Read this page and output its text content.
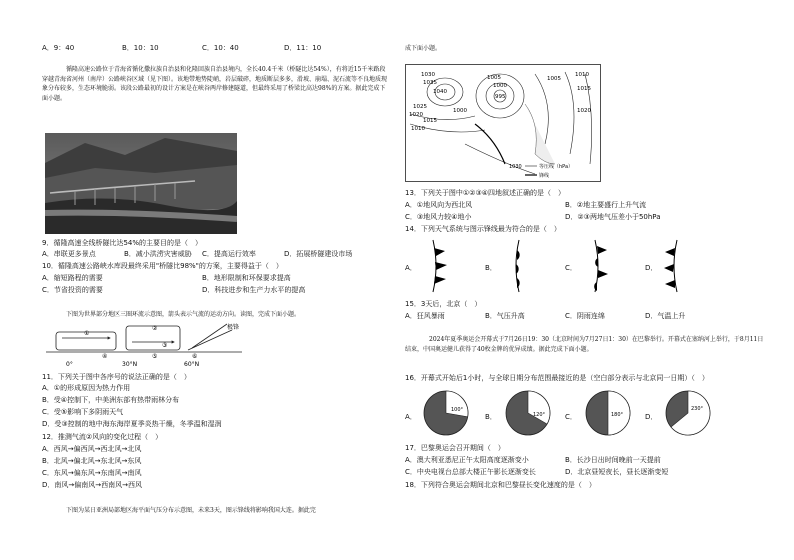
A．9：40	B．10：10	C．10：40	D．11：10
循隆高速公路位于青海省循化撒拉族自治县和化隆回族自治县境内，全长40.4千米（桥隧比达54%），有将近15千米路段穿越青海省河州（南岸）公路峡谷区域（见下图）。该地带地势陡峭，岩层破碎，地质断层多多，滑坡、崩塌、泥石流等不良地质现象分布较多，生态环境脆弱。该段公路最初的设计方案是在峡谷两岸修建隧道，但最终采用了桥梁比高达98%的方案。据此完成下面小题。
9．循隆高速全线桥隧比达54%的主要目的是（　）
A．串联更多景点	B．减小洪涝灾害威胁 C．提高运行效率	D．拓展桥隧建设市场
10．循隆高速公路峡水库段最终采用"桥隧比98%"的方案，主要得益于（　）
A．缩短路程的需要	B．地形限制和环保要求提高
C．节省投资的需要	D．科技进步和生产力水平的提高
下图为世界部分地区三圈环流示意图，箭头表示气流的运动方向。读图，完成下面小题。
极锋
①
②
③
④	⑤	⑥
0°	30°N	60°N
11．下列关于图中各序号的说法正确的是（　）
A．①的形成原因为热力作用
B．受④控制下，中美洲东部有热带雨林分布
C．受⑤影响下多阴雨天气
D．受③控制的地中海东海岸夏季炎热干燥，冬季温和湿润
12．推测气流②风向的变化过程（　）
A．西风→偏西风→西北风→北风
B．北风→偏北风→东北风→东风
C．东风→偏东风→东南风→南风
D．南风→偏南风→西南风→西风
下图为某日亚洲局部地区海平面气压分布示意图，未来3天，图示锋线将影响我国大连。据此完
成下面小题。
1030
1035
1040
1025
1020
1015
1010
1005
1000
995
1005
1010
1015
1020
1000
1030	等压线（hPa）
锋线
13．下列关于图中①②③④四地叙述正确的是（　）
A．①地风向为西北风	B．②地主要盛行上升气流
C．③地风力较④地小	D．②③两地气压差小于50hPa
14．下列天气系统与图示锋线最为符合的是（　）
A．	B．	C．	D．
15．3天后，北京（　）
A．狂风暴雨	B．气压升高	C．阴雨连绵	D．气温上升
2024年夏季奥运会开幕式于7月26日19：30（北京时间为7月27日1：30）在巴黎举行。开幕式在塞纳河上举行，于8月11日结束，中国奥运健儿获得了40枚金牌的优异成绩。据此完成下面小题。
16．开幕式开始后1小时，与全球日期分布范围最接近的是（空白部分表示与北京同一日期）（　）
A．
100°
B．	120°	C．	180°	D．
230°
17．巴黎奥运会召开期间（　）
A．澳大利亚悉尼正午太阳高度逐渐变小	B．长沙日出时间晚前一天提前
C．中央电视台总部大楼正午影长逐渐变长	D．北京昼短夜长，昼长逐渐变短
18．下列符合奥运会期间北京和巴黎昼长变化速度的是（　）
